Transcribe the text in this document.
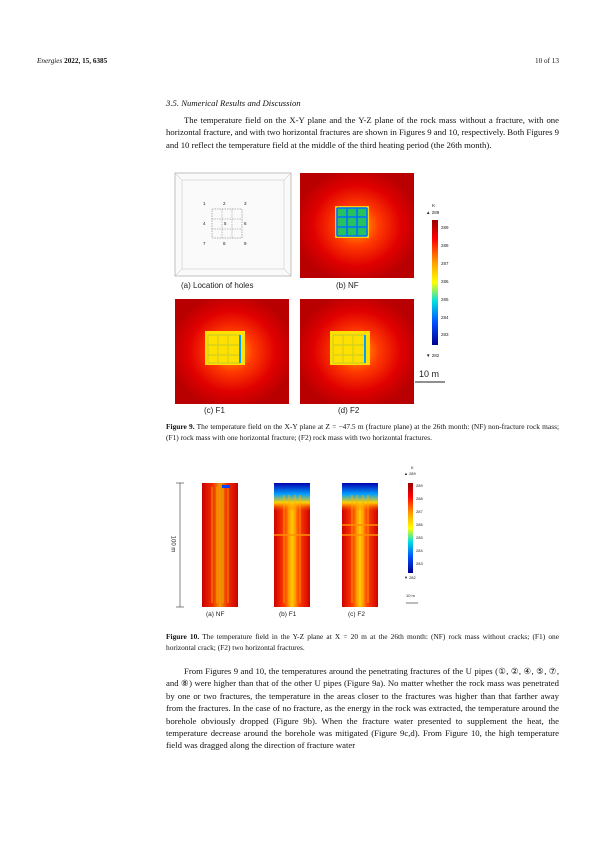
Energies 2022, 15, 6385	10 of 13
3.5. Numerical Results and Discussion
The temperature field on the X-Y plane and the Y-Z plane of the rock mass without a fracture, with one horizontal fracture, and with two horizontal fractures are shown in Figures 9 and 10, respectively. Both Figures 9 and 10 reflect the temperature field at the middle of the third heating period (the 26th month).
1	2	3
4	5	6
7	8	9
(a) Location of holes	(b) NF
(c) F1	(d) F2
K
▲ 289
289
288
287
286
285
284
283
▼ 282
10 m
Figure 9. The temperature field on the X-Y plane at Z = −47.5 m (fracture plane) at the 26th month: (NF) non-fracture rock mass; (F1) rock mass with one horizontal fracture; (F2) rock mass with two horizontal fractures.
100 m
(a) NF	(b) F1	(c) F2
K
▲ 289
289
288
287
286
285
284
283
▼ 282
10 m
Figure 10. The temperature field in the Y-Z plane at X = 20 m at the 26th month: (NF) rock mass without cracks; (F1) one horizontal crack; (F2) two horizontal fractures.
From Figures 9 and 10, the temperatures around the penetrating fractures of the U pipes (①, ②, ④, ⑤, ⑦, and ⑧) were higher than that of the other U pipes (Figure 9a). No matter whether the rock mass was penetrated by one or two fractures, the temperature in the areas closer to the fractures was higher than that farther away from the fractures. In the case of no fracture, as the energy in the rock was extracted, the temperature around the borehole obviously dropped (Figure 9b). When the fracture water presented to supplement the heat, the temperature decrease around the borehole was mitigated (Figure 9c,d). From Figure 10, the high temperature field was dragged along the direction of fracture water
